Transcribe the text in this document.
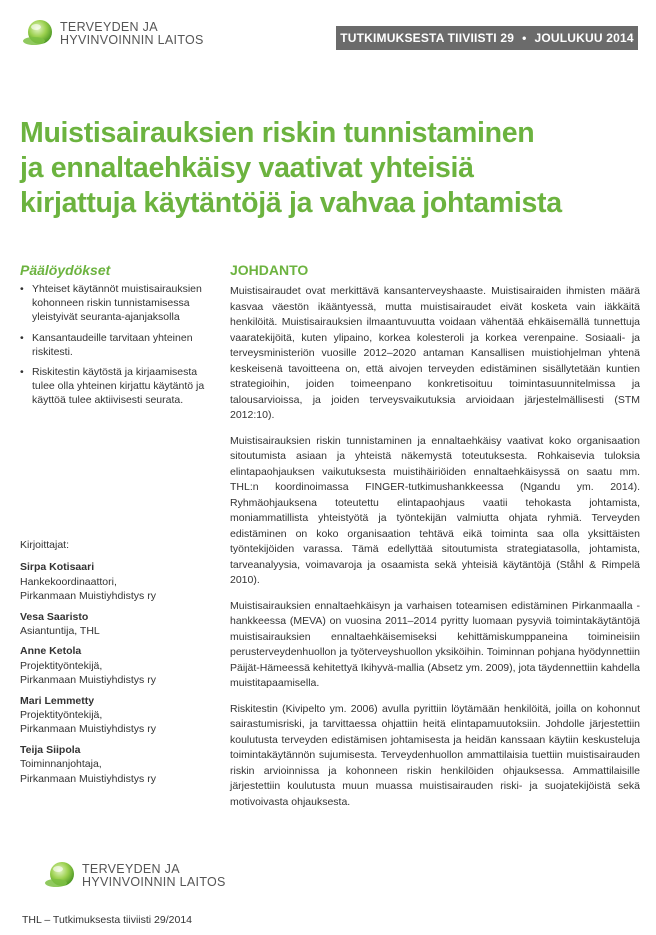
TERVEYDEN JA
HYVINVOINNIN LAITOS	TUTKIMUKSESTA TIIVIISTI 29 • JOULUKUU 2014
Muistisairauksien riskin tunnistaminen
ja ennaltaehkäisy vaativat yhteisiä
kirjattuja käytäntöjä ja vahvaa johtamista
Päälöydökset
• Yhteiset käytännöt muistisairauksien kohonneen riskin tunnistamisessa yleistyivät seuranta-ajanjaksolla
• Kansantaudeille tarvitaan yhteinen riskitesti.
• Riskitestin käytöstä ja kirjaamisesta tulee olla yhteinen kirjattu käytäntö ja käyttöä tulee aktiivisesti seurata.
Kirjoittajat:
Sirpa Kotisaari
Hankekoordinaattori,
Pirkanmaan Muistiyhdistys ry
Vesa Saaristo
Asiantuntija, THL
Anne Ketola
Projektityöntekijä,
Pirkanmaan Muistiyhdistys ry
Mari Lemmetty
Projektityöntekijä,
Pirkanmaan Muistiyhdistys ry
Teija Siipola
Toiminnanjohtaja,
Pirkanmaan Muistiyhdistys ry
JOHDANTO

Muistisairaudet ovat merkittävä kansanterveyshaaste. Muistisairaiden ihmisten määrä kasvaa väestön ikääntyessä, mutta muistisairaudet eivät kosketa vain iäkkäitä henkilöitä. Muistisairauksien ilmaantuvuutta voidaan vähentää ehkäisemällä tunnettuja vaaratekijöitä, kuten ylipaino, korkea kolesteroli ja korkea verenpaine. Sosiaali- ja terveysministeriön vuosille 2012–2020 antaman Kansallisen muistiohjelman yhtenä keskeisenä tavoitteena on, että aivojen terveyden edistäminen sisällytetään kuntien strategioihin, joiden toimeenpano konkretisoituu toimintasuunnitelmissa ja talousarvioissa, ja joiden terveysvaikutuksia arvioidaan järjestelmällisesti (STM 2012:10).

Muistisairauksien riskin tunnistaminen ja ennaltaehkäisy vaativat koko organisaation sitoutumista asiaan ja yhteistä näkemystä toteutuksesta. Rohkaisevia tuloksia elintapaohjauksen vaikutuksesta muistihäiriöiden ennaltaehkäisyssä on saatu mm. THL:n koordinoimassa FINGER-tutkimushankkeessa (Ngandu ym. 2014). Ryhmäohjauksena toteutettu elintapaohjaus vaatii tehokasta johtamista, moniammatillista yhteistyötä ja työntekijän valmiutta ohjata ryhmiä. Terveyden edistäminen on koko organisaation tehtävä eikä toiminta saa olla yksittäisten työntekijöiden varassa. Tämä edellyttää sitoutumista strategiatasolla, johtamista, tarveanalyysia, voimavaroja ja osaamista sekä yhteisiä käytäntöjä (Ståhl & Rimpelä 2010).

Muistisairauksien ennaltaehkäisyn ja varhaisen toteamisen edistäminen Pirkanmaalla -hankkeessa (MEVA) on vuosina 2011–2014 pyritty luomaan pysyviä toimintakäytäntöjä muistisairauksien ennaltaehkäisemiseksi kehittämiskumppaneina toimineisiin perusterveydenhuollon ja työterveyshuollon yksiköihin. Toiminnan pohjana hyödynnettiin Päijät-Hämeessä kehitettyä Ikihyvä-mallia (Absetz ym. 2009), jota täydennettiin kahdella muistitapaamisella.

Riskitestin (Kivipelto ym. 2006) avulla pyrittiin löytämään henkilöitä, joilla on kohonnut sairastumisriski, ja tarvittaessa ohjattiin heitä elintapamuutoksiin. Johdolle järjestettiin koulutusta terveyden edistämisen johtamisesta ja heidän kanssaan käytiin keskusteluja toimintakäytännön sujumisesta. Terveydenhuollon ammattilaisia tuettiin muistisairauden riskin arvioinnissa ja kohonneen riskin henkilöiden ohjauksessa. Ammattilaisille järjestettiin koulutusta muun muassa muistisairauden riski- ja suojatekijöistä sekä motivoivasta ohjauksesta.

TERVEYDEN JA
HYVINVOINNIN LAITOS
THL – Tutkimuksesta tiiviisti 29/2014
